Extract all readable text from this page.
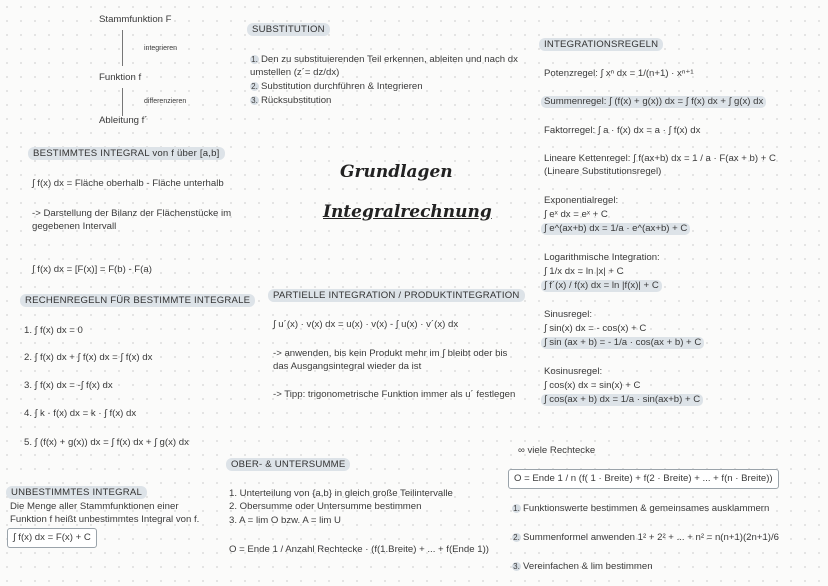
Stammfunktion F
integrieren
Funktion f
differenzieren
Ableitung f´
BESTIMMTES INTEGRAL von f über [a,b]
∫ f(x) dx = Fläche oberhalb - Fläche unterhalb
-> Darstellung der Bilanz der Flächenstücke im
gegebenen Intervall
∫ f(x) dx = [F(x)] = F(b) - F(a)
RECHENREGELN FÜR BESTIMMTE INTEGRALE
1. ∫ f(x) dx = 0
2. ∫ f(x) dx + ∫ f(x) dx = ∫ f(x) dx
3. ∫ f(x) dx = -∫ f(x) dx
4. ∫ k · f(x) dx = k · ∫ f(x) dx
5. ∫ (f(x) + g(x)) dx = ∫ f(x) dx + ∫ g(x) dx
UNBESTIMMTES INTEGRAL
Die Menge aller Stammfunktionen einer
Funktion f heißt unbestimmtes Integral von f.
∫ f(x) dx = F(x) + C
SUBSTITUTION
1. Den zu substituierenden Teil erkennen, ableiten und nach dx
umstellen (z´= dz/dx)
2. Substitution durchführen & Integrieren
3. Rücksubstitution
Grundlagen
Integralrechnung
PARTIELLE INTEGRATION / PRODUKTINTEGRATION
∫ u´(x) · v(x) dx = u(x) · v(x) - ∫ u(x) · v´(x) dx
-> anwenden, bis kein Produkt mehr im ∫ bleibt oder bis
das Ausgangsintegral wieder da ist
-> Tipp: trigonometrische Funktion immer als u´ festlegen
OBER- & UNTERSUMME
1. Unterteilung von {a,b} in gleich große Teilintervalle
2. Obersumme oder Untersumme bestimmen
3. A = lim O bzw. A = lim U
O = Ende 1 / Anzahl Rechtecke · (f(1.Breite) + ... + f(Ende 1))
INTEGRATIONSREGELN
Potenzregel: ∫ xⁿ dx = 1/(n+1) · xⁿ⁺¹
Summenregel: ∫ (f(x) + g(x)) dx = ∫ f(x) dx + ∫ g(x) dx
Faktorregel: ∫ a · f(x) dx = a · ∫ f(x) dx
Lineare Kettenregel: ∫ f(ax+b) dx = 1 / a · F(ax + b) + C
(Lineare Substitutionsregel)
Exponentialregel:
∫ eˣ dx = eˣ + C
∫ e^(ax+b) dx = 1/a · e^(ax+b) + C
Logarithmische Integration:
∫ 1/x dx = ln |x| + C
∫ f´(x) / f(x) dx = ln |f(x)| + C
Sinusregel:
∫ sin(x) dx = - cos(x) + C
∫ sin (ax + b) = - 1/a · cos(ax + b) + C
Kosinusregel:
∫ cos(x) dx = sin(x) + C
∫ cos(ax + b) dx = 1/a · sin(ax+b) + C
∞ viele Rechtecke
O = Ende 1 / n (f( 1 · Breite) + f(2 · Breite) + ... + f(n · Breite))
1. Funktionswerte bestimmen & gemeinsames ausklammern
2. Summenformel anwenden 1² + 2² + ... + n² = n(n+1)(2n+1)/6
3. Vereinfachen & lim bestimmen
